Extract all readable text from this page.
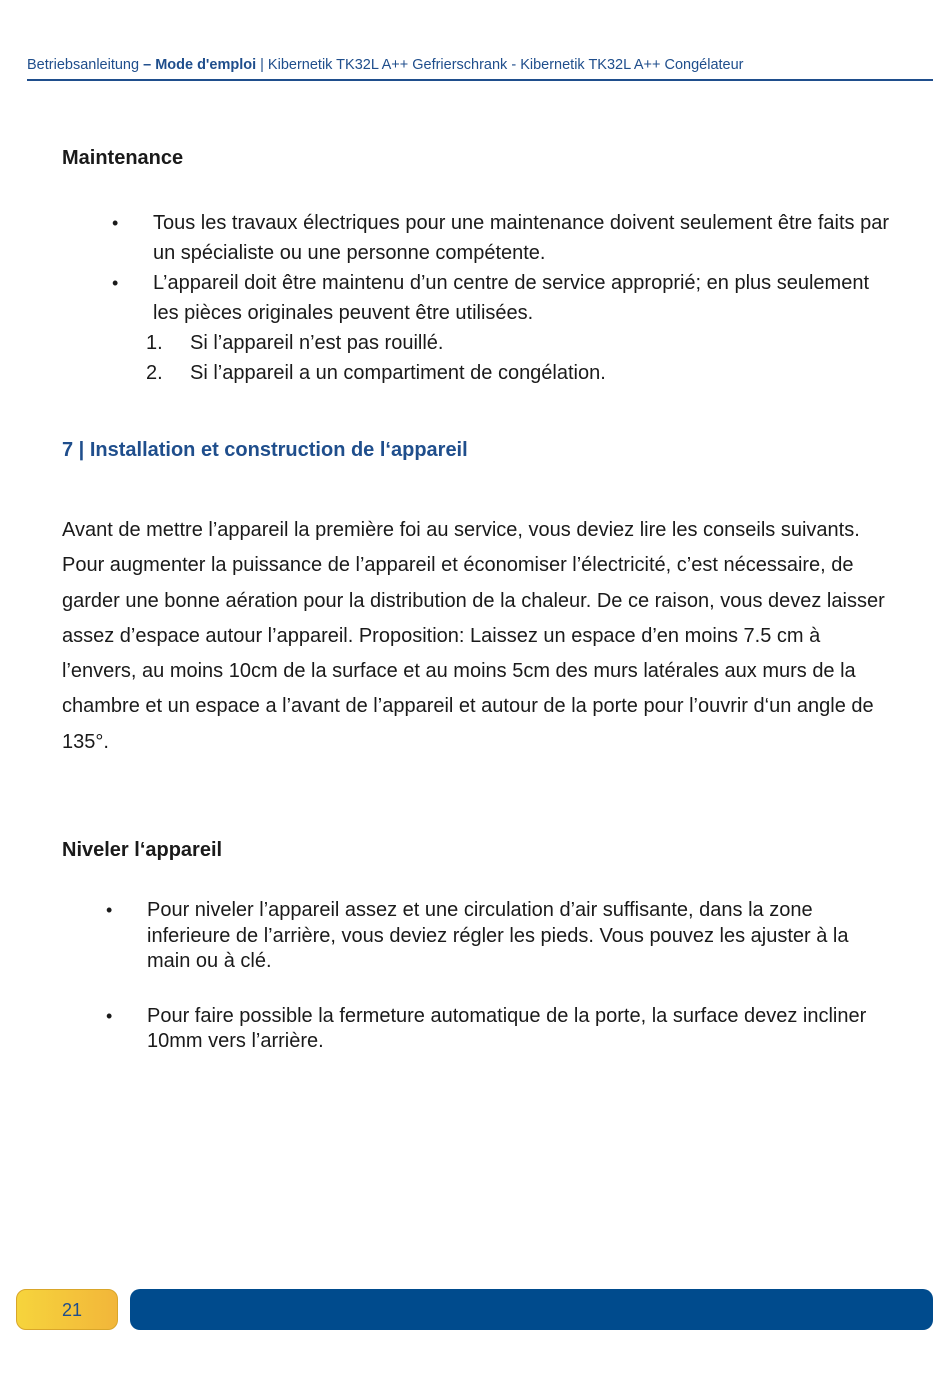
Betriebsanleitung – Mode d'emploi | Kibernetik TK32L A++ Gefrierschrank - Kibernetik TK32L A++ Congélateur
Maintenance
• Tous les travaux électriques pour une maintenance doivent seulement être faits par un spécialiste ou une personne compétente.
• L’appareil doit être maintenu d’un centre de service approprié; en plus seulement les pièces originales peuvent être utilisées.
1. Si l’appareil n’est pas rouillé.
2. Si l’appareil a un compartiment de congélation.
7 | Installation et construction de l‘appareil

Avant de mettre l’appareil la première foi au service, vous deviez lire les conseils suivants. Pour augmenter la puissance de l’appareil et économiser l’électricité, c’est nécessaire, de garder une bonne aération pour la distribution de la chaleur. De ce raison, vous devez laisser assez d’espace autour l’appareil. Proposition: Laissez un espace d’en moins 7.5 cm à l’envers, au moins 10cm de la surface et au moins 5cm des murs latérales aux murs de la chambre et un espace a l’avant de l’appareil et autour de la porte pour l’ouvrir d‘un angle de 135°.

Niveler l‘appareil
• Pour niveler l’appareil assez et une circulation d’air suffisante, dans la zone inferieure de l’arrière, vous deviez régler les pieds. Vous pouvez les ajuster à la main ou à clé.
• Pour faire possible la fermeture automatique de la porte, la surface devez incliner 10mm vers l’arrière.
21
